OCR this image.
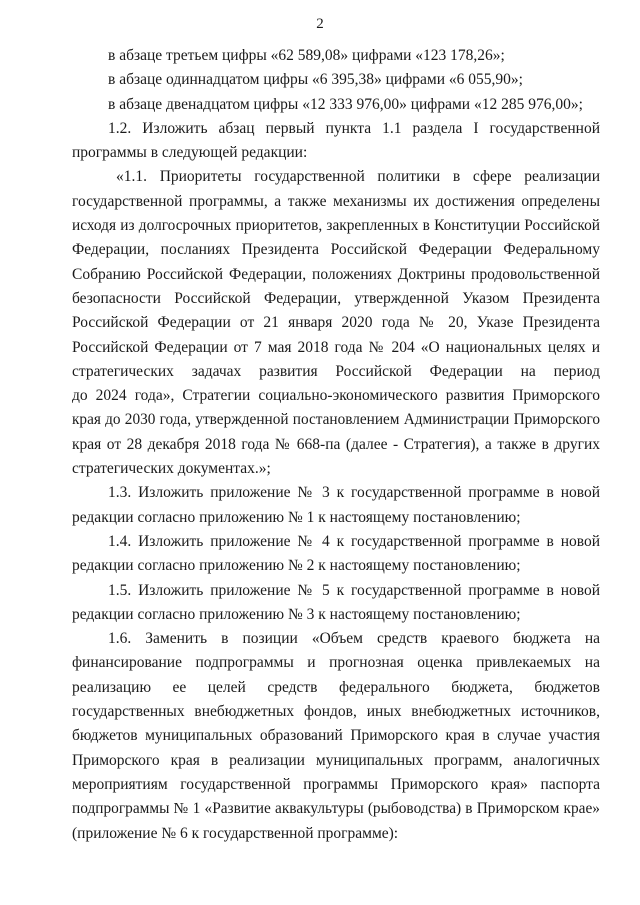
2
в абзаце третьем цифры «62 589,08» цифрами «123 178,26»;
в абзаце одиннадцатом цифры «6 395,38» цифрами «6 055,90»;
в абзаце двенадцатом цифры «12 333 976,00» цифрами «12 285 976,00»;
1.2. Изложить абзац первый пункта 1.1 раздела I государственной
программы в следующей редакции:
«1.1. Приоритеты государственной политики в сфере реализации
государственной программы, а также механизмы их достижения определены
исходя из долгосрочных приоритетов, закрепленных в Конституции Российской
Федерации, посланиях Президента Российской Федерации Федеральному
Собранию Российской Федерации, положениях Доктрины продовольственной
безопасности Российской Федерации, утвержденной Указом Президента
Российской Федерации от 21 января 2020 года № 20, Указе Президента
Российской Федерации от 7 мая 2018 года № 204 «О национальных целях и
стратегических задачах развития Российской Федерации на период
до 2024 года», Стратегии социально-экономического развития Приморского
края до 2030 года, утвержденной постановлением Администрации Приморского
края от 28 декабря 2018 года № 668-па (далее - Стратегия), а также в других
стратегических документах.»;
1.3. Изложить приложение № 3 к государственной программе в новой
редакции согласно приложению № 1 к настоящему постановлению;
1.4. Изложить приложение № 4 к государственной программе в новой
редакции согласно приложению № 2 к настоящему постановлению;
1.5. Изложить приложение № 5 к государственной программе в новой
редакции согласно приложению № 3 к настоящему постановлению;
1.6. Заменить в позиции «Объем средств краевого бюджета на
финансирование подпрограммы и прогнозная оценка привлекаемых на
реализацию ее целей средств федерального бюджета, бюджетов
государственных внебюджетных фондов, иных внебюджетных источников,
бюджетов муниципальных образований Приморского края в случае участия
Приморского края в реализации муниципальных программ, аналогичных
мероприятиям государственной программы Приморского края» паспорта
подпрограммы № 1 «Развитие аквакультуры (рыбоводства) в Приморском крае»
(приложение № 6 к государственной программе):
